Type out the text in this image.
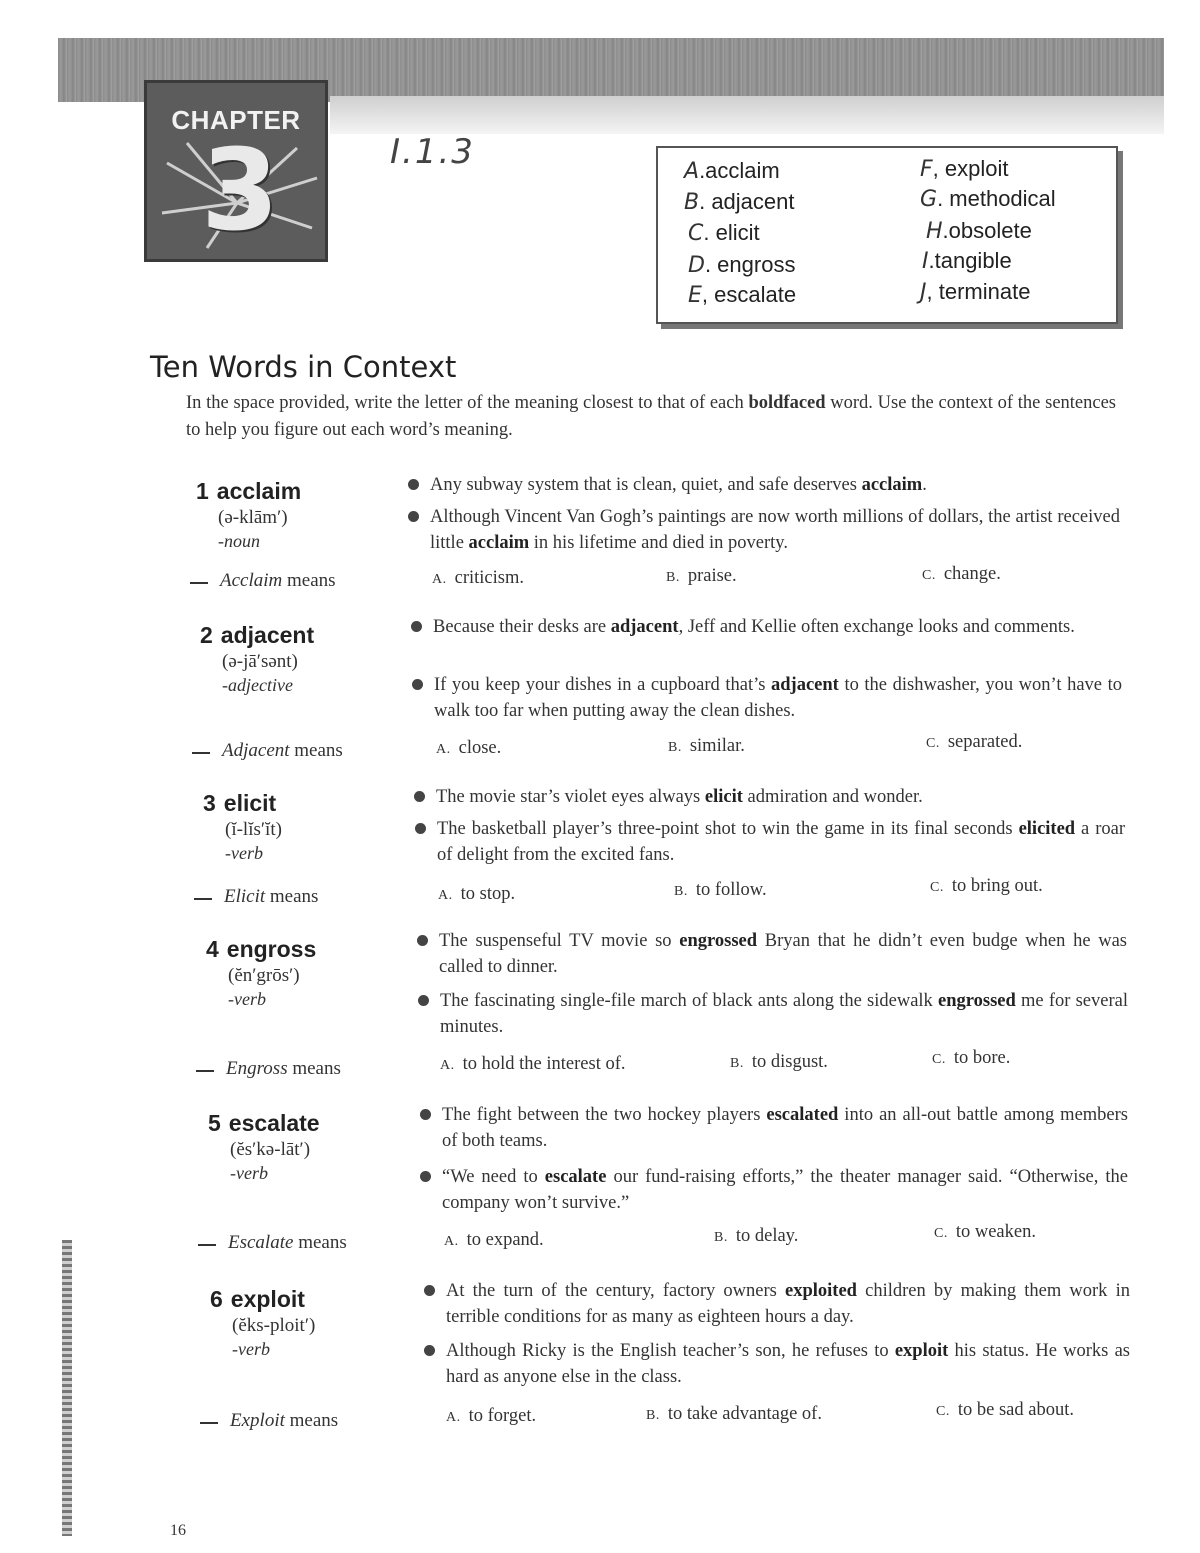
CHAPTER
3	I.1.3	A.acclaim
B. adjacent
C. elicit
D. engross
E, escalate
F, exploit
G. methodical
H.obsolete
I.tangible
J, terminate
Ten Words in Context
In the space provided, write the letter of the meaning closest to that of each boldfaced word. Use the context of the sentences to help you figure out each word’s meaning.
1 acclaim
(ə-klām′)
-noun
Any subway system that is clean, quiet, and safe deserves acclaim.
Although Vincent Van Gogh’s paintings are now worth millions of dollars, the artist received little acclaim in his lifetime and died in poverty.
Acclaim means	A. criticism.	B. praise.	C. change.
2 adjacent
(ə-jā′sənt)
-adjective
Because their desks are adjacent, Jeff and Kellie often exchange looks and comments.
If you keep your dishes in a cupboard that’s adjacent to the dishwasher, you won’t have to walk too far when putting away the clean dishes.
Adjacent means	A. close.	B. similar.	C. separated.
3 elicit
(ĭ-lĭs′ĭt)
-verb
The movie star’s violet eyes always elicit admiration and wonder.
The basketball player’s three-point shot to win the game in its final seconds elicited a roar of delight from the excited fans.
Elicit means	A. to stop.	B. to follow.	C. to bring out.
4 engross
(ĕn′grōs′)
-verb
The suspenseful TV movie so engrossed Bryan that he didn’t even budge when he was called to dinner.
The fascinating single-file march of black ants along the sidewalk engrossed me for several minutes.
Engross means	A. to hold the interest of.	B. to disgust.	C. to bore.
5 escalate
(ĕs′kə-lāt′)
-verb
The fight between the two hockey players escalated into an all-out battle among members of both teams.
“We need to escalate our fund-raising efforts,” the theater manager said. “Otherwise, the company won’t survive.”
Escalate means	A. to expand.	B. to delay.	C. to weaken.
6 exploit
(ĕks-ploit′)
-verb
At the turn of the century, factory owners exploited children by making them work in terrible conditions for as many as eighteen hours a day.
Although Ricky is the English teacher’s son, he refuses to exploit his status. He works as hard as anyone else in the class.
Exploit means	A. to forget.	B. to take advantage of.	C. to be sad about.
16
